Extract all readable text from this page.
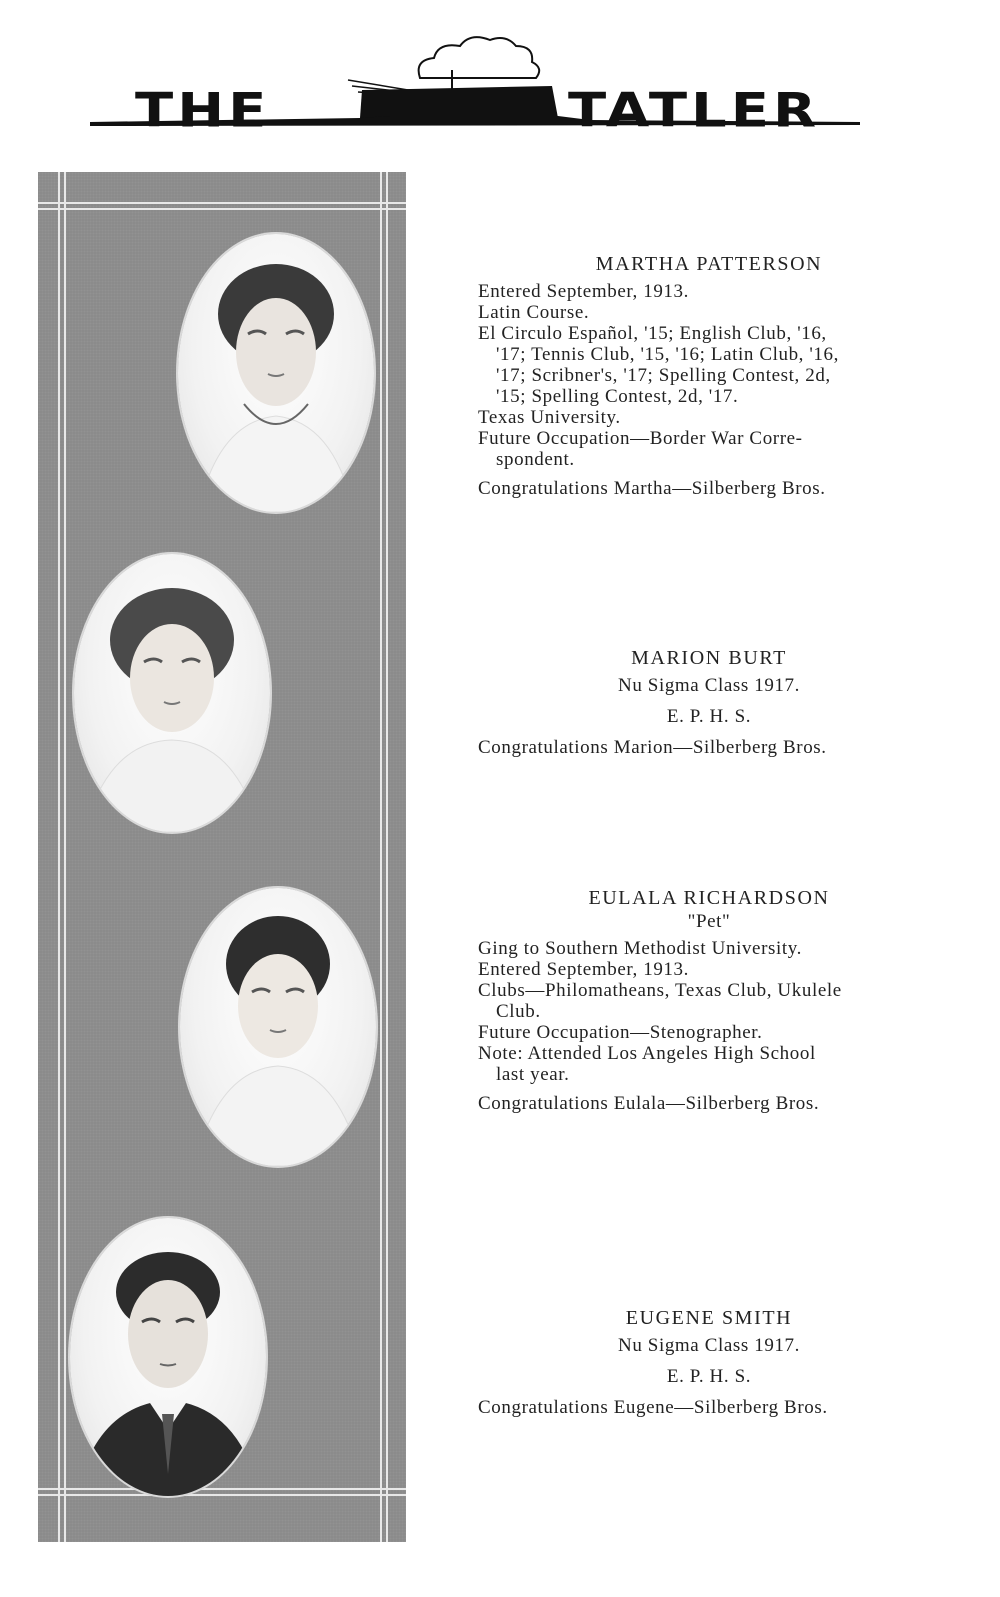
THE	TATLER
MARTHA PATTERSON
Entered September, 1913.
Latin Course.
El Circulo Español, '15; English Club, '16,
'17; Tennis Club, '15, '16; Latin Club, '16,
'17; Scribner's, '17; Spelling Contest, 2d,
'15; Spelling Contest, 2d, '17.
Texas University.
Future Occupation—Border War Corre-
spondent.
Congratulations Martha—Silberberg Bros.
MARION BURT
Nu Sigma Class 1917.
E. P. H. S.
Congratulations Marion—Silberberg Bros.
EULALA RICHARDSON
"Pet"
Ging to Southern Methodist University.
Entered September, 1913.
Clubs—Philomatheans, Texas Club, Ukulele
Club.
Future Occupation—Stenographer.
Note: Attended Los Angeles High School
last year.
Congratulations Eulala—Silberberg Bros.
EUGENE SMITH
Nu Sigma Class 1917.
E. P. H. S.
Congratulations Eugene—Silberberg Bros.
